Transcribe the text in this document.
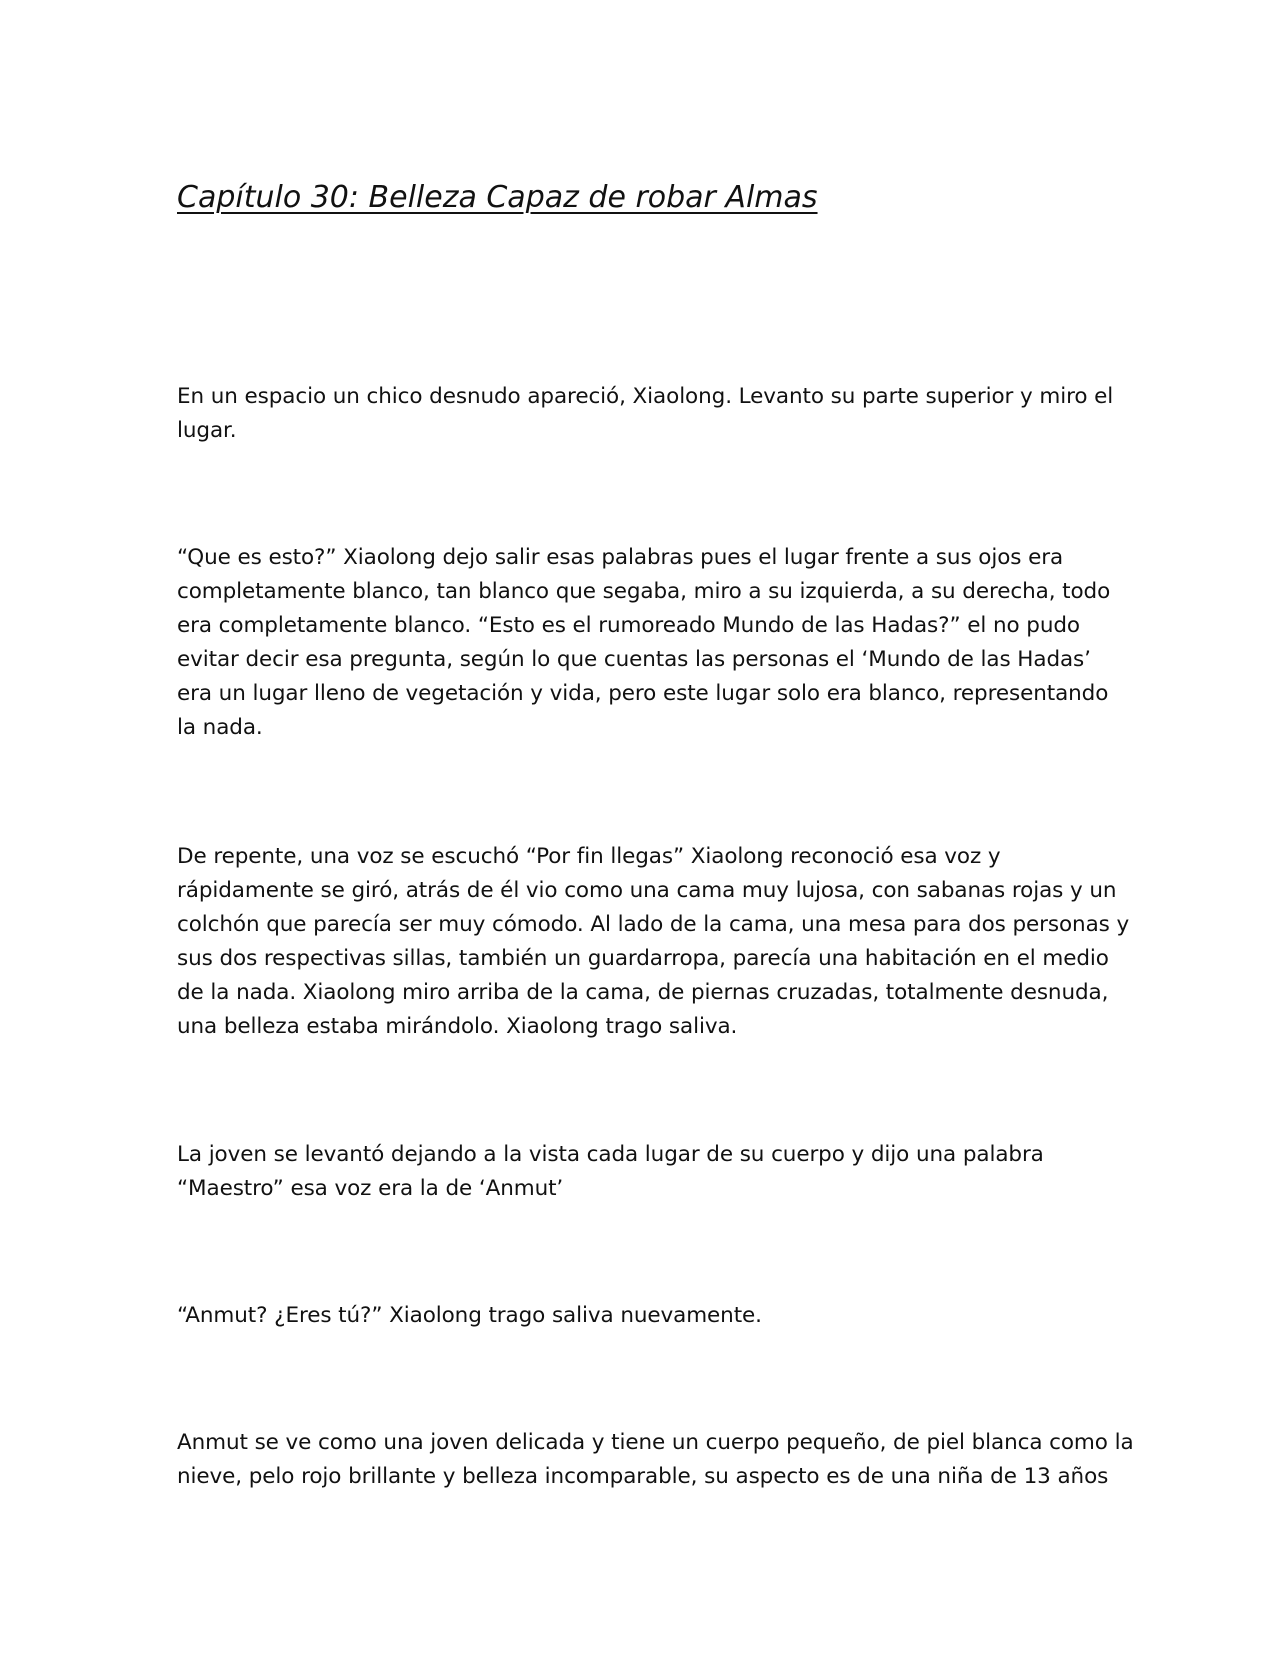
Capítulo 30: Belleza Capaz de robar Almas

En un espacio un chico desnudo apareció, Xiaolong. Levanto su parte superior y miro el
lugar.

“Que es esto?” Xiaolong dejo salir esas palabras pues el lugar frente a sus ojos era
completamente blanco, tan blanco que segaba, miro a su izquierda, a su derecha, todo
era completamente blanco. “Esto es el rumoreado Mundo de las Hadas?” el no pudo
evitar decir esa pregunta, según lo que cuentas las personas el ‘Mundo de las Hadas’
era un lugar lleno de vegetación y vida, pero este lugar solo era blanco, representando
la nada.

De repente, una voz se escuchó “Por fin llegas” Xiaolong reconoció esa voz y
rápidamente se giró, atrás de él vio como una cama muy lujosa, con sabanas rojas y un
colchón que parecía ser muy cómodo. Al lado de la cama, una mesa para dos personas y
sus dos respectivas sillas, también un guardarropa, parecía una habitación en el medio
de la nada. Xiaolong miro arriba de la cama, de piernas cruzadas, totalmente desnuda,
una belleza estaba mirándolo. Xiaolong trago saliva.

La joven se levantó dejando a la vista cada lugar de su cuerpo y dijo una palabra
“Maestro” esa voz era la de ‘Anmut’

“Anmut? ¿Eres tú?” Xiaolong trago saliva nuevamente.

Anmut se ve como una joven delicada y tiene un cuerpo pequeño, de piel blanca como la
nieve, pelo rojo brillante y belleza incomparable, su aspecto es de una niña de 13 años
